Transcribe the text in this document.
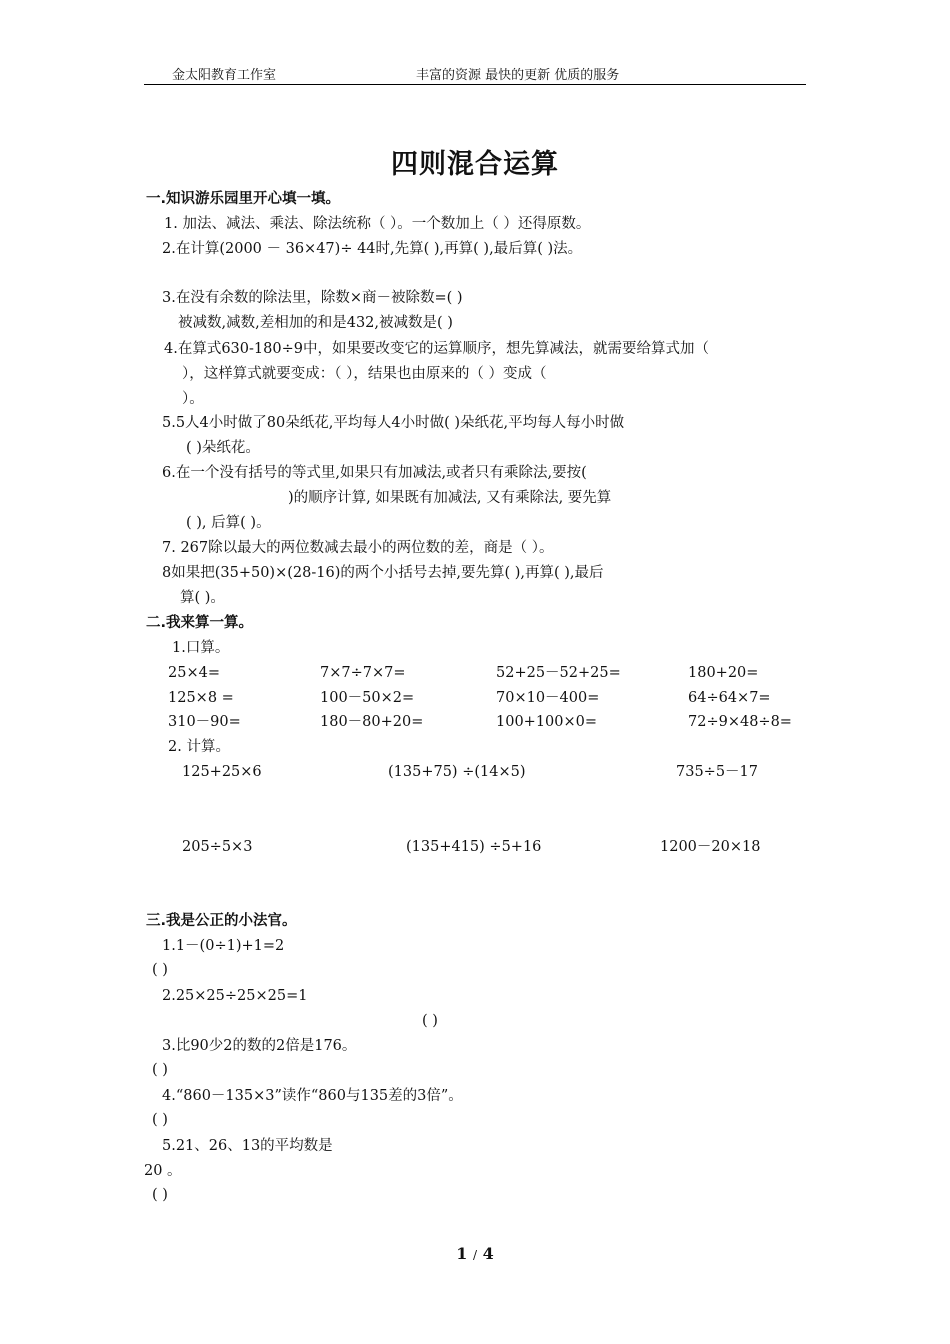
金太阳教育工作室	丰富的资源 最快的更新 优质的服务
四则混合运算
一.知识游乐园里开心填一填。
1. 加法、减法、乘法、除法统称（ ）。一个数加上（ ）还得原数。
2.在计算(2000 － 36×47)÷ 44时,先算( ),再算( ),最后算( )法。
3.在没有余数的除法里，除数×商－被除数=( )
被减数,减数,差相加的和是432,被减数是( )
4.在算式630-180÷9中，如果要改变它的运算顺序，想先算减法，就需要给算式加（
），这样算式就要变成：（ ），结果也由原来的（ ）变成（
）。
5.5人4小时做了80朵纸花,平均每人4小时做( )朵纸花,平均每人每小时做
( )朵纸花。
6.在一个没有括号的等式里,如果只有加减法,或者只有乘除法,要按(
)的顺序计算, 如果既有加减法, 又有乘除法, 要先算
( ), 后算( )。
7. 267除以最大的两位数减去最小的两位数的差，商是（ ）。
8如果把(35+50)×(28-16)的两个小括号去掉,要先算( ),再算( ),最后
算( )。
二.我来算一算。
1.口算。
25×4=	7×7÷7×7=	52+25－52+25=	180+20=
125×8 =	100－50×2=	70×10－400=	64÷64×7=
310－90=	180－80+20=	100+100×0=	72÷9×48÷8=
2. 计算。
125+25×6	(135+75) ÷(14×5)	735÷5－17
205÷5×3	(135+415) ÷5+16	1200－20×18
三.我是公正的小法官。
1.1－(0÷1)+1=2
( )
2.25×25÷25×25=1
( )
3.比90少2的数的2倍是176。
( )
4.“860－135×3”读作“860与135差的3倍”。
( )
5.21、26、13的平均数是
20 。
( )
1 / 4
